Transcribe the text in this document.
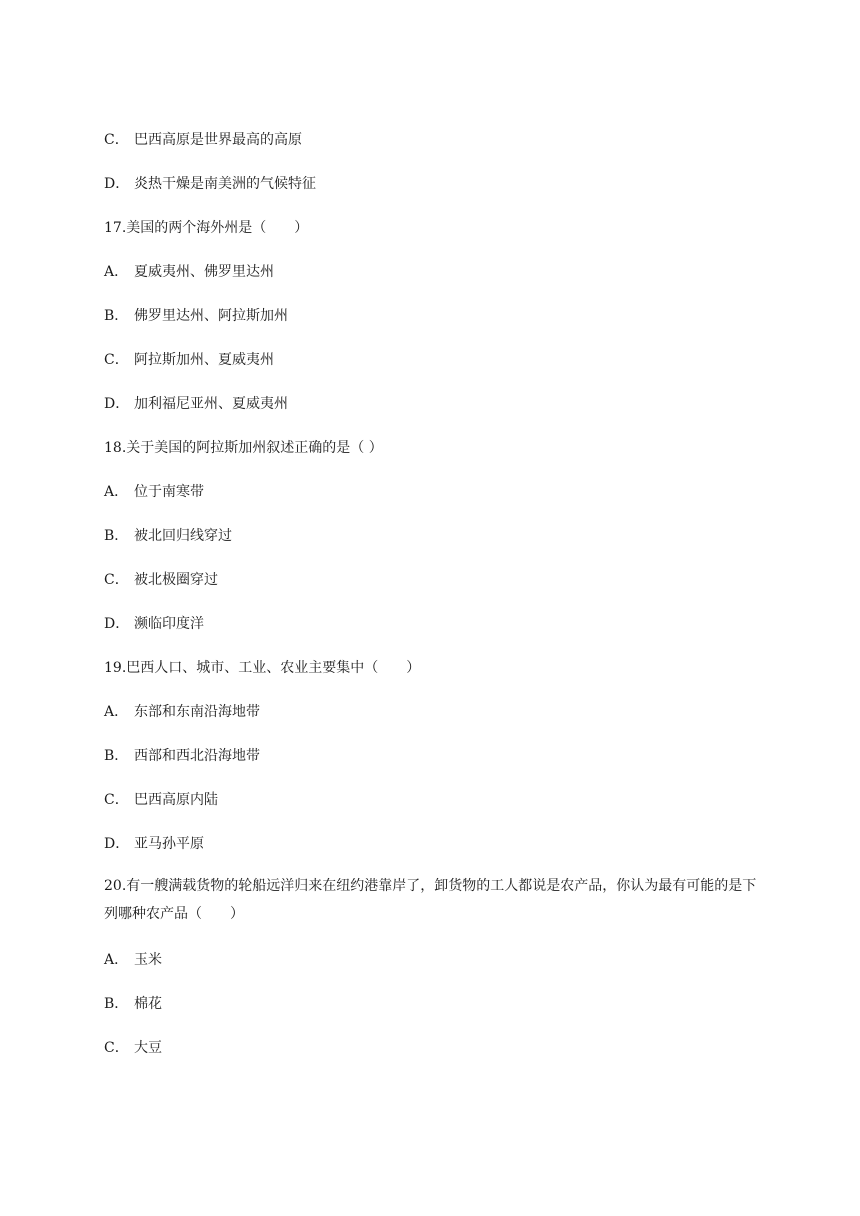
C． 巴西高原是世界最高的高原
D． 炎热干燥是南美洲的气候特征
17.美国的两个海外州是（　　）
A． 夏威夷州、佛罗里达州
B． 佛罗里达州、阿拉斯加州
C． 阿拉斯加州、夏威夷州
D． 加利福尼亚州、夏威夷州
18.关于美国的阿拉斯加州叙述正确的是（ ）
A． 位于南寒带
B． 被北回归线穿过
C． 被北极圈穿过
D． 濒临印度洋
19.巴西人口、城市、工业、农业主要集中（　　）
A． 东部和东南沿海地带
B． 西部和西北沿海地带
C． 巴西高原内陆
D． 亚马孙平原
20.有一艘满载货物的轮船远洋归来在纽约港靠岸了，卸货物的工人都说是农产品，你认为最有可能的是下列哪种农产品（　　）
A． 玉米
B． 棉花
C． 大豆
